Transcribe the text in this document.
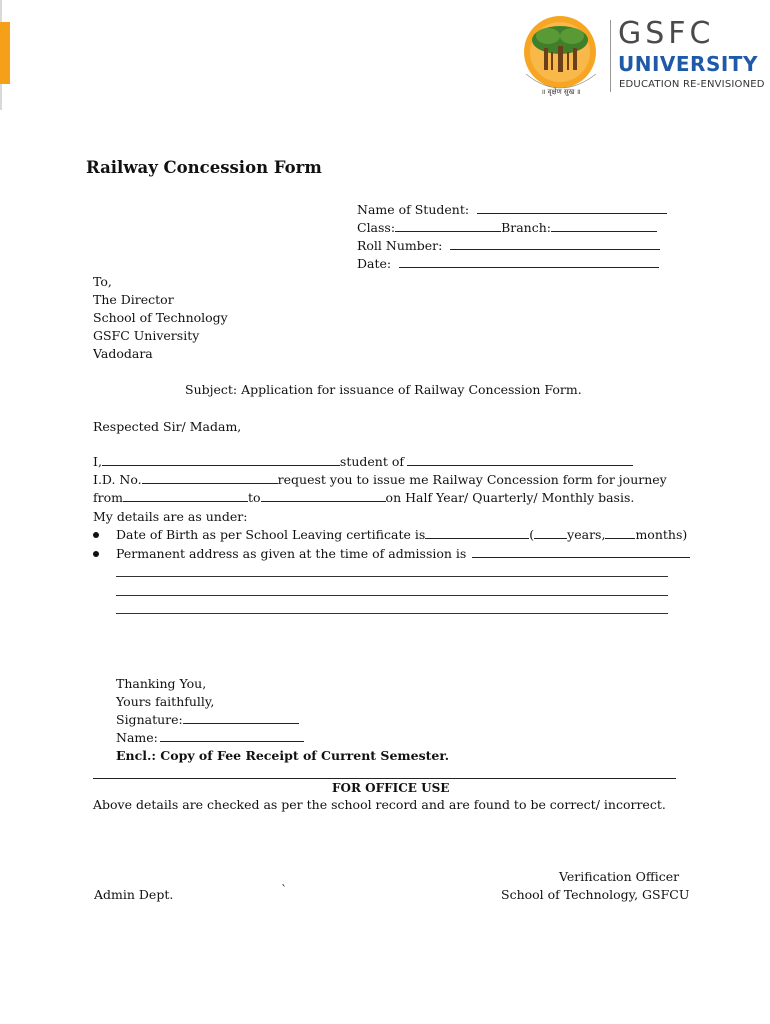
॥ वृक्षेण सुख ॥
GSFC
UNIVERSITY
EDUCATION RE-ENVISIONED
Railway Concession Form
Name of Student:
Class:	Branch:
Roll Number:
Date:
To,
The Director
School of Technology
GSFC University
Vadodara
Subject: Application for issuance of Railway Concession Form.
Respected Sir/ Madam,
I,	student of
I.D. No.	request you to issue me Railway Concession form for journey
from	to	on Half Year/ Quarterly/ Monthly basis.
My details are as under:
Date of Birth as per School Leaving certificate is	(	years, months)
Permanent address as given at the time of admission is
Thanking You,
Yours faithfully,
Signature:
Name:
Encl.: Copy of Fee Receipt of Current Semester.
FOR OFFICE USE
Above details are checked as per the school record and are found to be correct/ incorrect.
Verification Officer
School of Technology, GSFCU
Admin Dept.	`
